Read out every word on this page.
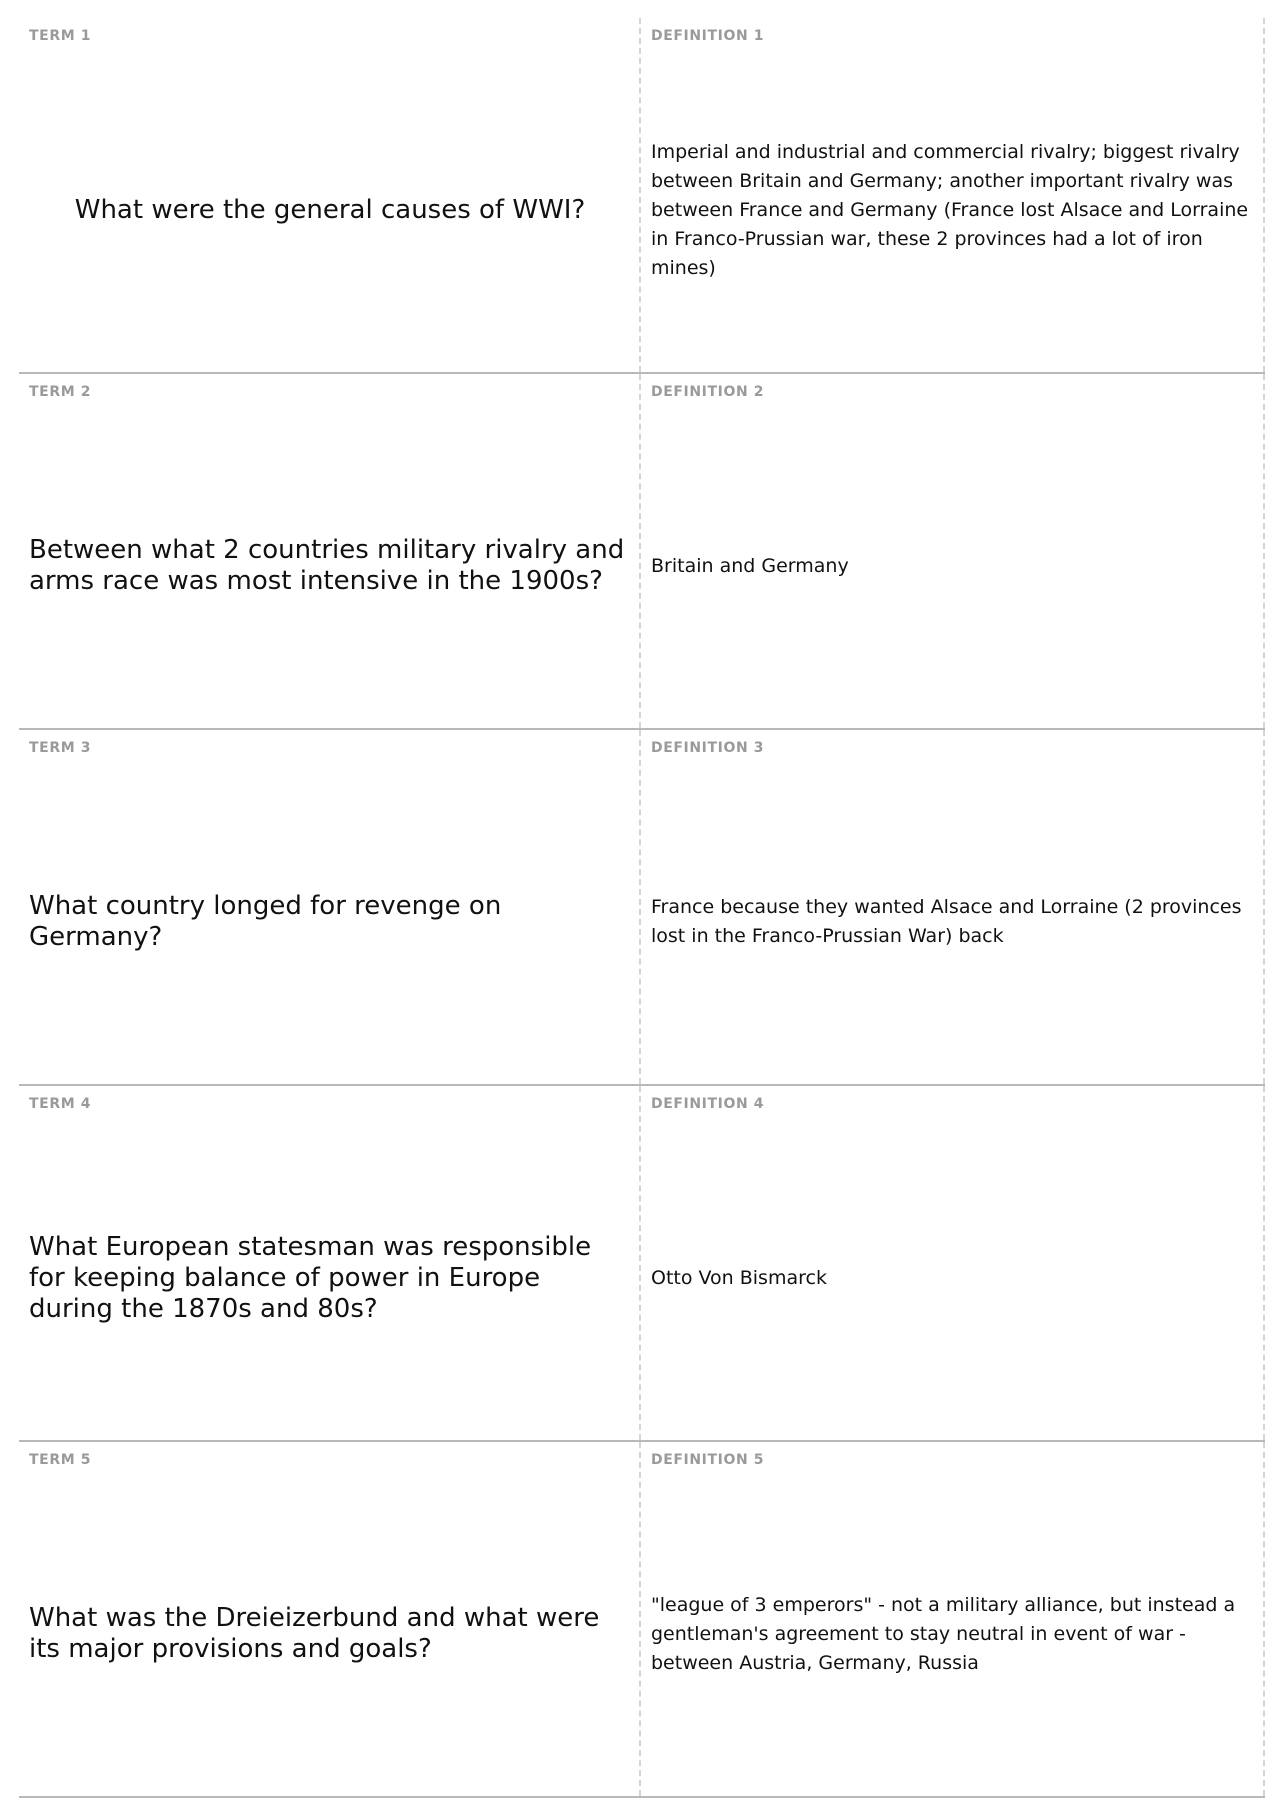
TERM 1

What were the general causes of WWI?

DEFINITION 1

Imperial and industrial and commercial rivalry; biggest rivalry between Britain and Germany; another important rivalry was between France and Germany (France lost Alsace and Lorraine in Franco-Prussian war, these 2 provinces had a lot of iron mines)

TERM 2

Between what 2 countries military rivalry and arms race was most intensive in the 1900s?

DEFINITION 2

Britain and Germany

TERM 3

What country longed for revenge on Germany?

DEFINITION 3

France because they wanted Alsace and Lorraine (2 provinces lost in the Franco-Prussian War) back

TERM 4

What European statesman was responsible for keeping balance of power in Europe during the 1870s and 80s?

DEFINITION 4

Otto Von Bismarck

TERM 5

What was the Dreieizerbund and what were its major provisions and goals?

DEFINITION 5

"league of 3 emperors" - not a military alliance, but instead a gentleman's agreement to stay neutral in event of war - between Austria, Germany, Russia
